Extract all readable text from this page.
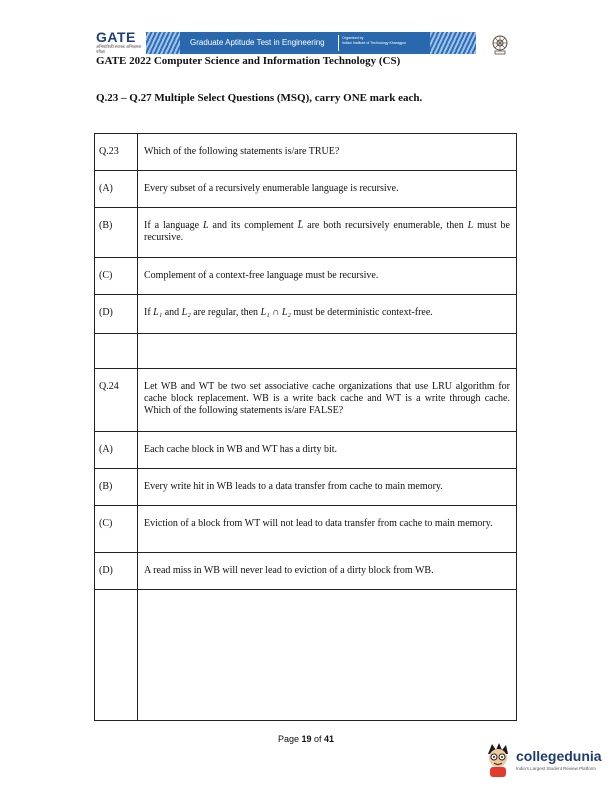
GATE
अभियांत्रिकी स्नातक अभिक्षमता परीक्षा
Graduate Aptitude Test in Engineering	Organised by
Indian Institute of Technology Kharagpur
GATE 2022 Computer Science and Information Technology (CS)
Q.23 – Q.27 Multiple Select Questions (MSQ), carry ONE mark each.
Q.23	Which of the following statements is/are TRUE?

(A)	Every subset of a recursively enumerable language is recursive.

(B)	If a language L and its complement L̄ are both recursively enumerable, then L must be recursive.

(C)	Complement of a context-free language must be recursive.

(D)	If L₁ and L₂ are regular, then L₁ ∩ L₂ must be deterministic context-free.

Q.24	Let WB and WT be two set associative cache organizations that use LRU algorithm for cache block replacement. WB is a write back cache and WT is a write through cache. Which of the following statements is/are FALSE?

(A)	Each cache block in WB and WT has a dirty bit.

(B)	Every write hit in WB leads to a data transfer from cache to main memory.

(C)	Eviction of a block from WT will not lead to data transfer from cache to main memory.

(D)	A read miss in WB will never lead to eviction of a dirty block from WB.

Page 19 of 41
collegedunia
India's Largest Student Review Platform
